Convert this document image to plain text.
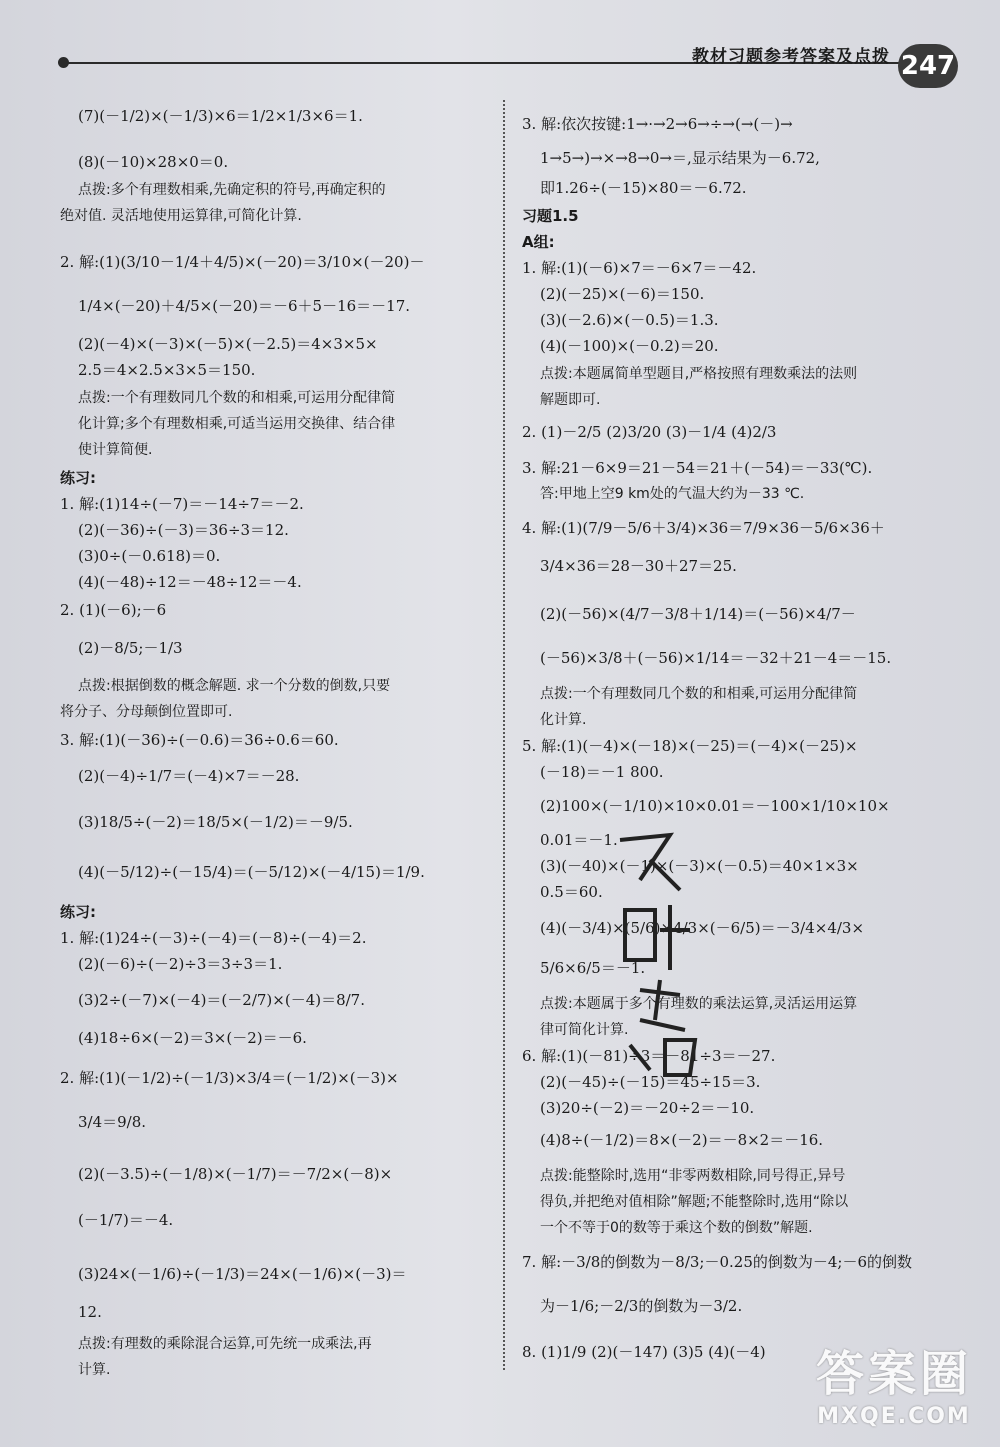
教材习题参考答案及点拨 247
(7)(－1/2)×(－1/3)×6＝1/2×1/3×6＝1.
(8)(－10)×28×0＝0.
点拨:多个有理数相乘,先确定积的符号,再确定积的
绝对值. 灵活地使用运算律,可简化计算.
2. 解:(1)(3/10－1/4＋4/5)×(－20)＝3/10×(－20)－
1/4×(－20)＋4/5×(－20)＝－6＋5－16＝－17.
(2)(－4)×(－3)×(－5)×(－2.5)＝4×3×5×
2.5＝4×2.5×3×5＝150.
点拨:一个有理数同几个数的和相乘,可运用分配律简
化计算;多个有理数相乘,可适当运用交换律、结合律
使计算简便.
练习:
1. 解:(1)14÷(－7)＝－14÷7＝－2.
(2)(－36)÷(－3)＝36÷3＝12.
(3)0÷(－0.618)＝0.
(4)(－48)÷12＝－48÷12＝－4.
2. (1)(－6);－6
(2)－8/5;－1/3
点拨:根据倒数的概念解题. 求一个分数的倒数,只要
将分子、分母颠倒位置即可.
3. 解:(1)(－36)÷(－0.6)＝36÷0.6＝60.
(2)(－4)÷1/7＝(－4)×7＝－28.
(3)18/5÷(－2)＝18/5×(－1/2)＝－9/5.
(4)(－5/12)÷(－15/4)＝(－5/12)×(－4/15)＝1/9.
练习:
1. 解:(1)24÷(－3)÷(－4)＝(－8)÷(－4)＝2.
(2)(－6)÷(－2)÷3＝3÷3＝1.
(3)2÷(－7)×(－4)＝(－2/7)×(－4)＝8/7.
(4)18÷6×(－2)＝3×(－2)＝－6.
2. 解:(1)(－1/2)÷(－1/3)×3/4＝(－1/2)×(－3)×
3/4＝9/8.
(2)(－3.5)÷(－1/8)×(－1/7)＝－7/2×(－8)×
(－1/7)＝－4.
(3)24×(－1/6)÷(－1/3)＝24×(－1/6)×(－3)＝
12.
点拨:有理数的乘除混合运算,可先统一成乘法,再
计算.
3. 解:依次按键:1→·→2→6→÷→(→(－)→
1→5→)→×→8→0→＝,显示结果为－6.72,
即1.26÷(－15)×80＝－6.72.
习题1.5
A组:
1. 解:(1)(－6)×7＝－6×7＝－42.
(2)(－25)×(－6)＝150.
(3)(－2.6)×(－0.5)＝1.3.
(4)(－100)×(－0.2)＝20.
点拨:本题属简单型题目,严格按照有理数乘法的法则
解题即可.
2. (1)－2/5 (2)3/20 (3)－1/4 (4)2/3
3. 解:21－6×9＝21－54＝21＋(－54)＝－33(℃).
答:甲地上空9 km处的气温大约为－33 ℃.
4. 解:(1)(7/9－5/6＋3/4)×36＝7/9×36－5/6×36＋
3/4×36＝28－30＋27＝25.
(2)(－56)×(4/7－3/8＋1/14)＝(－56)×4/7－
(－56)×3/8＋(－56)×1/14＝－32＋21－4＝－15.
点拨:一个有理数同几个数的和相乘,可运用分配律简
化计算.
5. 解:(1)(－4)×(－18)×(－25)＝(－4)×(－25)×
(－18)＝－1 800.
(2)100×(－1/10)×10×0.01＝－100×1/10×10×
0.01＝－1.
(3)(－40)×(－1)×(－3)×(－0.5)＝40×1×3×
0.5＝60.
(4)(－3/4)×(5/6)×4/3×(－6/5)＝－3/4×4/3×
5/6×6/5＝－1.
点拨:本题属于多个有理数的乘法运算,灵活运用运算
律可简化计算.
6. 解:(1)(－81)÷3＝－81÷3＝－27.
(2)(－45)÷(－15)＝45÷15＝3.
(3)20÷(－2)＝－20÷2＝－10.
(4)8÷(－1/2)＝8×(－2)＝－8×2＝－16.
点拨:能整除时,选用“非零两数相除,同号得正,异号
得负,并把绝对值相除”解题;不能整除时,选用“除以
一个不等于0的数等于乘这个数的倒数”解题.
7. 解:－3/8的倒数为－8/3;－0.25的倒数为－4;－6的倒数
为－1/6;－2/3的倒数为－3/2.
8. (1)1/9 (2)(－147) (3)5 (4)(－4) 答案圈
MXQE.COM
